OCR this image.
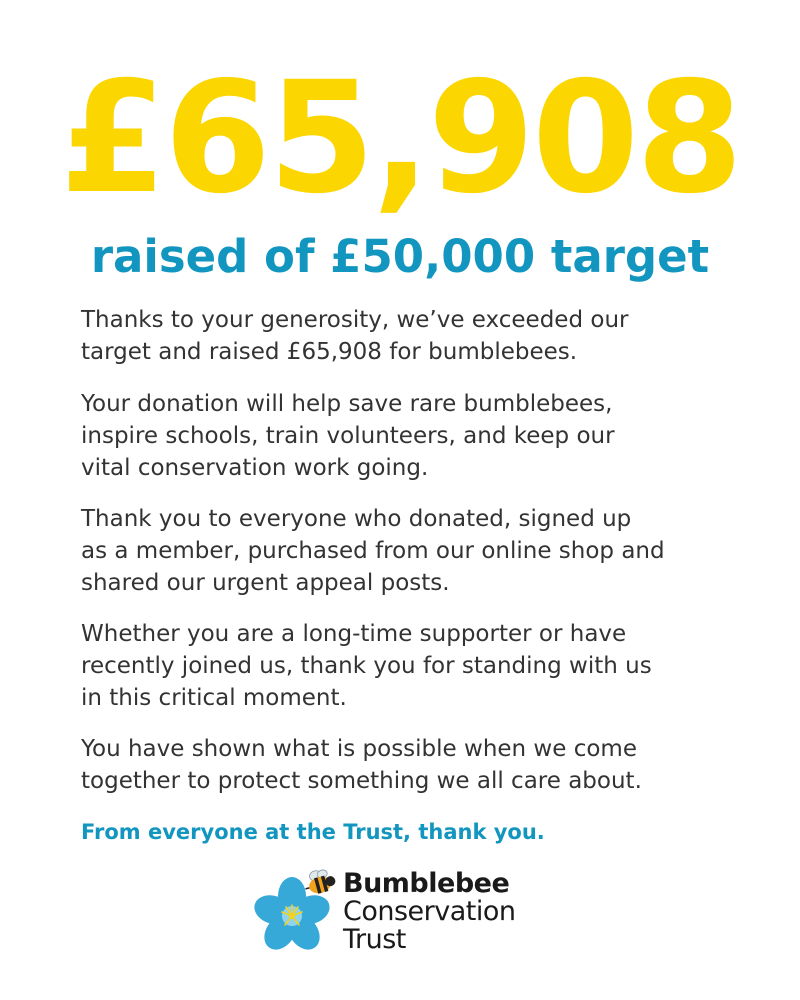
£65,908
raised of £50,000 target

Thanks to your generosity, we’ve exceeded our
target and raised £65,908 for bumblebees.

Your donation will help save rare bumblebees,
inspire schools, train volunteers, and keep our
vital conservation work going.

Thank you to everyone who donated, signed up
as a member, purchased from our online shop and
shared our urgent appeal posts.

Whether you are a long-time supporter or have
recently joined us, thank you for standing with us
in this critical moment.

You have shown what is possible when we come
together to protect something we all care about.

From everyone at the Trust, thank you.

Bumblebee
Conservation
Trust
